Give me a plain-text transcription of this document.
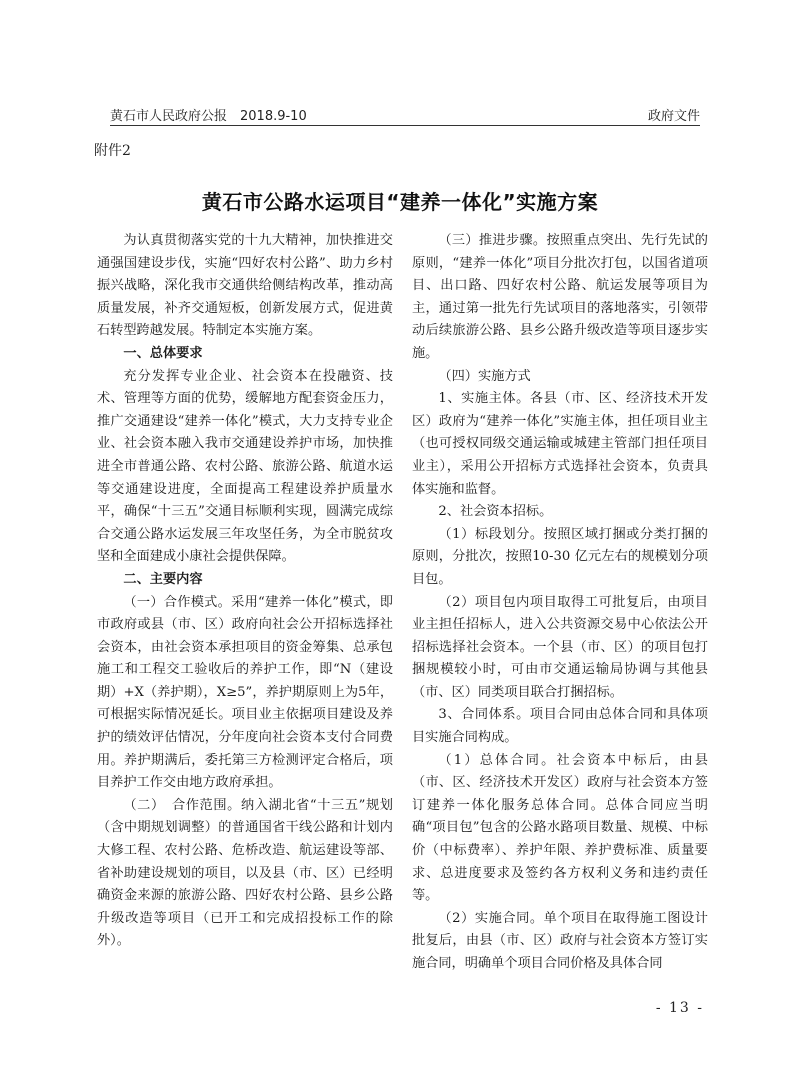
黄石市人民政府公报　2018.9-10	政府文件
附件2
黄石市公路水运项目“建养一体化”实施方案

为认真贯彻落实党的十九大精神，加快推进交通强国建设步伐，实施“四好农村公路”、助力乡村振兴战略，深化我市交通供给侧结构改革，推动高质量发展，补齐交通短板，创新发展方式，促进黄石转型跨越发展。特制定本实施方案。

一、总体要求

充分发挥专业企业、社会资本在投融资、技术、管理等方面的优势，缓解地方配套资金压力，推广交通建设“建养一体化”模式，大力支持专业企业、社会资本融入我市交通建设养护市场，加快推进全市普通公路、农村公路、旅游公路、航道水运等交通建设进度，全面提高工程建设养护质量水平，确保“十三五”交通目标顺利实现，圆满完成综合交通公路水运发展三年攻坚任务，为全市脱贫攻坚和全面建成小康社会提供保障。

二、主要内容

（一）合作模式。采用“建养一体化”模式，即市政府或县（市、区）政府向社会公开招标选择社会资本，由社会资本承担项目的资金筹集、总承包施工和工程交工验收后的养护工作，即“N（建设期）+X（养护期），X≥5”，养护期原则上为5年，可根据实际情况延长。项目业主依据项目建设及养护的绩效评估情况，分年度向社会资本支付合同费用。养护期满后，委托第三方检测评定合格后，项目养护工作交由地方政府承担。

（二）　合作范围。纳入湖北省“十三五”规划（含中期规划调整）的普通国省干线公路和计划内大修工程、农村公路、危桥改造、航运建设等部、省补助建设规划的项目，以及县（市、区）已经明确资金来源的旅游公路、四好农村公路、县乡公路升级改造等项目（已开工和完成招投标工作的除外）。

（三）推进步骤。按照重点突出、先行先试的原则，“建养一体化”项目分批次打包，以国省道项目、出口路、四好农村公路、航运发展等项目为主，通过第一批先行先试项目的落地落实，引领带动后续旅游公路、县乡公路升级改造等项目逐步实施。

（四）实施方式

1、实施主体。各县（市、区、经济技术开发区）政府为“建养一体化”实施主体，担任项目业主（也可授权同级交通运输或城建主管部门担任项目业主），采用公开招标方式选择社会资本，负责具体实施和监督。

2、社会资本招标。

（1）标段划分。按照区域打捆或分类打捆的原则，分批次，按照10-30 亿元左右的规模划分项目包。

（2）项目包内项目取得工可批复后，由项目业主担任招标人，进入公共资源交易中心依法公开招标选择社会资本。一个县（市、区）的项目包打捆规模较小时，可由市交通运输局协调与其他县（市、区）同类项目联合打捆招标。

3、合同体系。项目合同由总体合同和具体项目实施合同构成。

（1）总体合同。社会资本中标后，由县（市、区、经济技术开发区）政府与社会资本方签订建养一体化服务总体合同。总体合同应当明确“项目包”包含的公路水路项目数量、规模、中标价（中标费率）、养护年限、养护费标准、质量要求、总进度要求及签约各方权利义务和违约责任等。

（2）实施合同。单个项目在取得施工图设计批复后，由县（市、区）政府与社会资本方签订实施合同，明确单个项目合同价格及具体合同

- 13 -
